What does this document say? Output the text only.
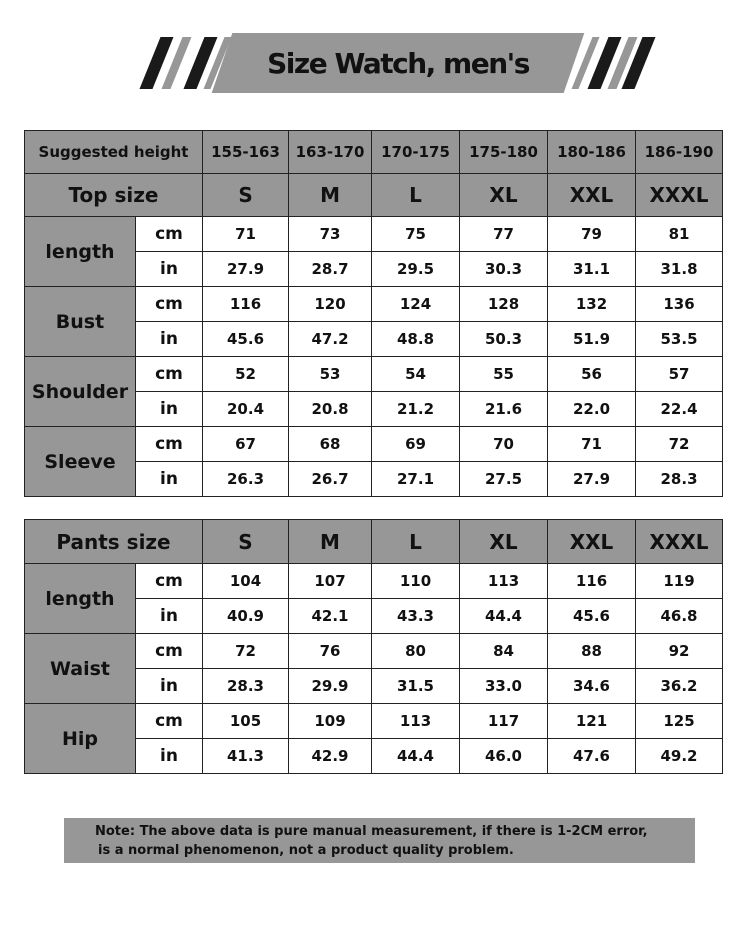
Size Watch, men's
Suggested height		155-163	163-170	170-175	175-180	180-186	186-190
Top size		S	M	L	XL	XXL	XXXL
length	cm	71	73	75	77	79	81
	in	27.9	28.7	29.5	30.3	31.1	31.8
Bust	cm	116	120	124	128	132	136
	in	45.6	47.2	48.8	50.3	51.9	53.5
Shoulder	cm	52	53	54	55	56	57
	in	20.4	20.8	21.2	21.6	22.0	22.4
Sleeve	cm	67	68	69	70	71	72
	in	26.3	26.7	27.1	27.5	27.9	28.3
Pants size		S	M	L	XL	XXL	XXXL
length	cm	104	107	110	113	116	119
	in	40.9	42.1	43.3	44.4	45.6	46.8
Waist	cm	72	76	80	84	88	92
	in	28.3	29.9	31.5	33.0	34.6	36.2
Hip	cm	105	109	113	117	121	125
	in	41.3	42.9	44.4	46.0	47.6	49.2
Note: The above data is pure manual measurement, if there is 1-2CM error,
is a normal phenomenon, not a product quality problem.
